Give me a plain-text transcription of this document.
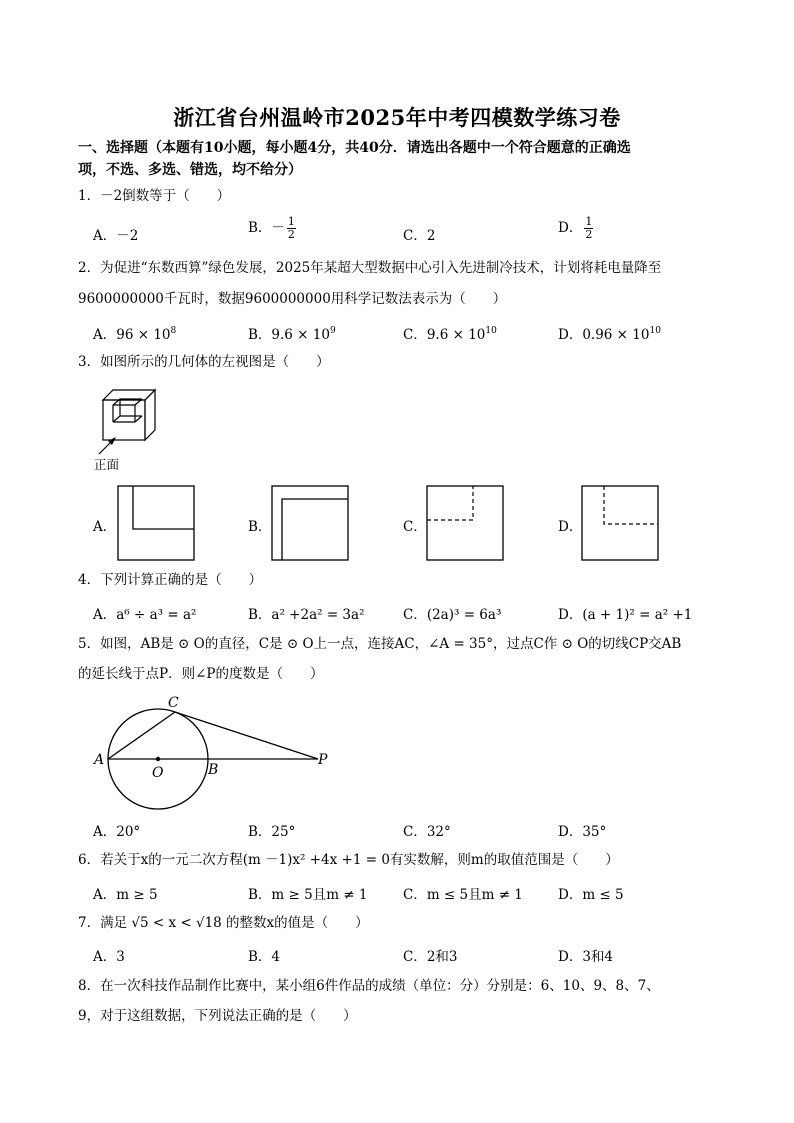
浙江省台州温岭市2025年中考四模数学练习卷
一、选择题（本题有10小题，每小题4分，共40分．请选出各题中一个符合题意的正确选
项，不选、多选、错选，均不给分）
1．－2倒数等于（　　）
A．－2	B．－ $\frac{1}{2}$	C．2	D． $\frac{1}{2}$
2．为促进“东数西算”绿色发展，2025年某超大型数据中心引入先进制冷技术，计划将耗电量降至
9600000000千瓦时，数据9600000000用科学记数法表示为（　　）
A．$96 \times 10^8$	B．$9.6 \times 10^9$	C．$9.6 \times 10^{10}$	D．$0.96 \times 10^{10}$
3．如图所示的几何体的左视图是（　　）
正面
A．	B．	C．	D．
4．下列计算正确的是（　　）
A．a⁶ ÷ a³ = a²	B．a² +2a² = 3a²	C．(2a)³ = 6a³	D．(a + 1)² = a² +1
5．如图，AB是 ⊙ O的直径，C是 ⊙ O上一点，连接AC，∠A = 35°，过点C作 ⊙ O的切线CP交AB
的延长线于点P．则∠P的度数是（　　）
A
C
O	B
P
A．20°	B．25°	C．32°	D．35°
6．若关于x的一元二次方程(m －1)x² +4x +1 = 0有实数解，则m的取值范围是（　　）
A．m ≥ 5	B．m ≥ 5且m ≠ 1	C．m ≤ 5且m ≠ 1	D．m ≤ 5
7．满足 √5 < x < √18 的整数x的值是（　　）
A．3	B．4	C．2和3	D．3和4
8．在一次科技作品制作比赛中，某小组6件作品的成绩（单位：分）分别是：6、10、9、8、7、
9，对于这组数据，下列说法正确的是（　　）
